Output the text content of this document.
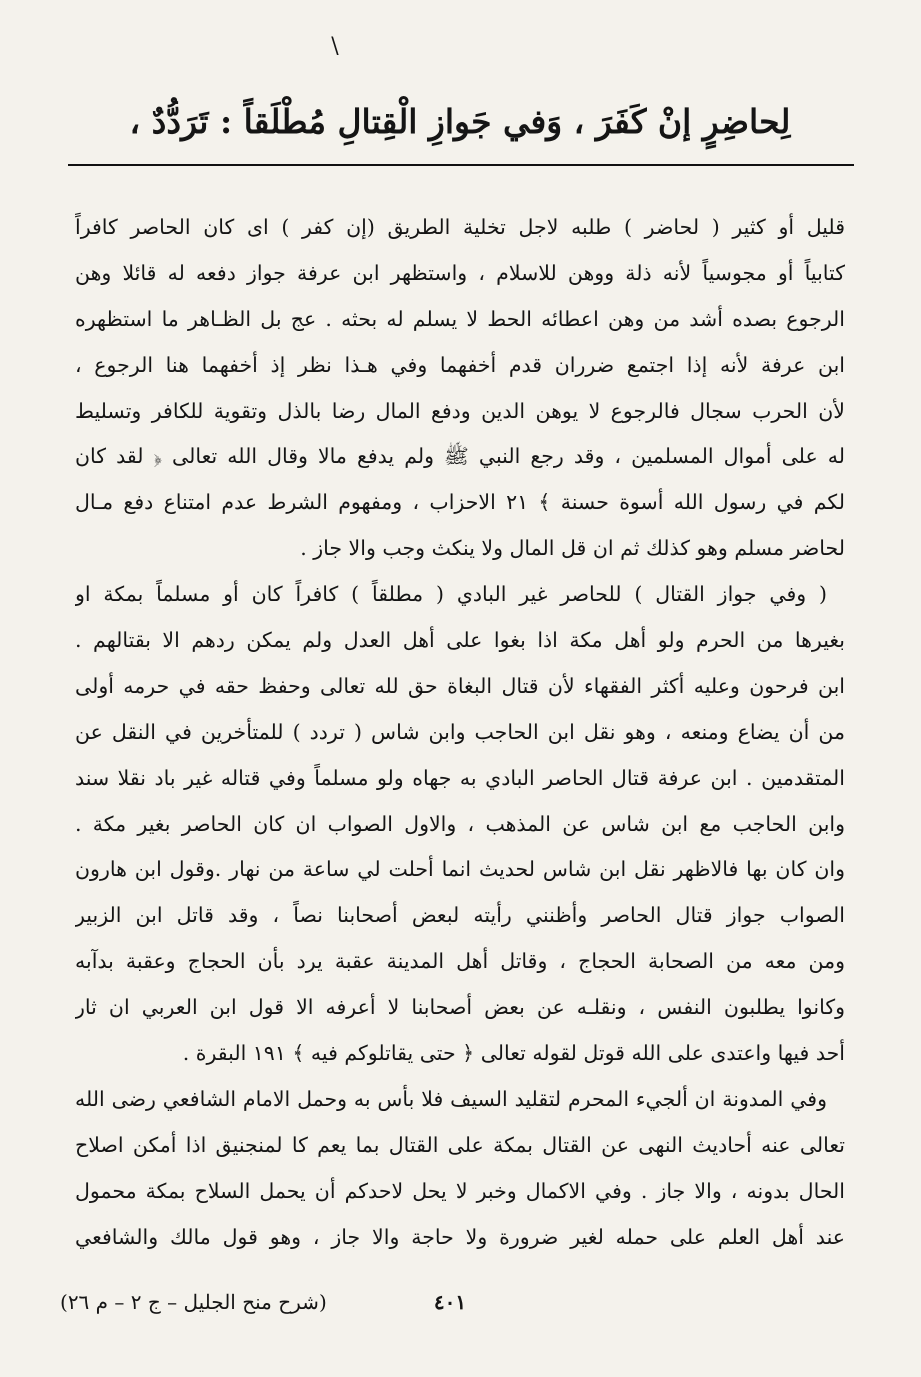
\
لِحاضِرٍ إنْ كَفَرَ ، وَفي جَوازِ الْقِتالِ مُطْلَقاً : تَرَدُّدٌ ،
قليل أو كثير ( لحاضر ) طلبه لاجل تخلية الطريق (إن كفر ) اى كان الحاصر كافراً
كتابياً أو مجوسياً لأنه ذلة ووهن للاسلام ، واستظهر ابن عرفة جواز دفعه له قائلا وهن
الرجوع بصده أشد من وهن اعطائه الحط لا يسلم له بحثه . عج بل الظـاهر ما استظهره
ابن عرفة لأنه إذا اجتمع ضرران قدم أخفهما وفي هـذا نظر إذ أخفهما هنا الرجوع ،
لأن الحرب سجال فالرجوع لا يوهن الدين ودفع المال رضا بالذل وتقوية للكافر وتسليط
له على أموال المسلمين ، وقد رجع النبي ﷺ ولم يدفع مالا وقال الله تعالى ﴿ لقد كان
لكم في رسول الله أسوة حسنة ﴾ ٢١ الاحزاب ، ومفهوم الشرط عدم امتناع دفع مـال
لحاضر مسلم وهو كذلك ثم ان قل المال ولا ينكث وجب والا جاز .
( وفي جواز القتال ) للحاصر غير البادي ( مطلقاً ) كافراً كان أو مسلماً بمكة او
بغيرها من الحرم ولو أهل مكة اذا بغوا على أهل العدل ولم يمكن ردهم الا بقتالهم .
ابن فرحون وعليه أكثر الفقهاء لأن قتال البغاة حق لله تعالى وحفظ حقه في حرمه أولى
من أن يضاع ومنعه ، وهو نقل ابن الحاجب وابن شاس ( تردد ) للمتأخرين في النقل عن
المتقدمين . ابن عرفة قتال الحاصر البادي به جهاه ولو مسلماً وفي قتاله غير باد نقلا سند
وابن الحاجب مع ابن شاس عن المذهب ، والاول الصواب ان كان الحاصر بغير مكة .
وان كان بها فالاظهر نقل ابن شاس لحديث انما أحلت لي ساعة من نهار .وقول ابن هارون
الصواب جواز قتال الحاصر وأظنني رأيته لبعض أصحابنا نصاً ، وقد قاتل ابن الزبير
ومن معه من الصحابة الحجاج ، وقاتل أهل المدينة عقبة يرد بأن الحجاج وعقبة بدآبه
وكانوا يطلبون النفس ، ونقلـه عن بعض أصحابنا لا أعرفه الا قول ابن العربي ان ثار
أحد فيها واعتدى على الله قوتل لقوله تعالى ﴿ حتى يقاتلوكم فيه ﴾ ١٩١ البقرة .
وفي المدونة ان ألجيء المحرم لتقليد السيف فلا بأس به وحمل الامام الشافعي رضى الله
تعالى عنه أحاديث النهى عن القتال بمكة على القتال بما يعم كا لمنجنيق اذا أمكن اصلاح
الحال بدونه ، والا جاز . وفي الاكمال وخبر لا يحل لاحدكم أن يحمل السلاح بمكة محمول
عند أهل العلم على حمله لغير ضرورة ولا حاجة والا جاز ، وهو قول مالك والشافعي
٤٠١
(شرح منح الجليل – ج ٢ – م ٢٦)
